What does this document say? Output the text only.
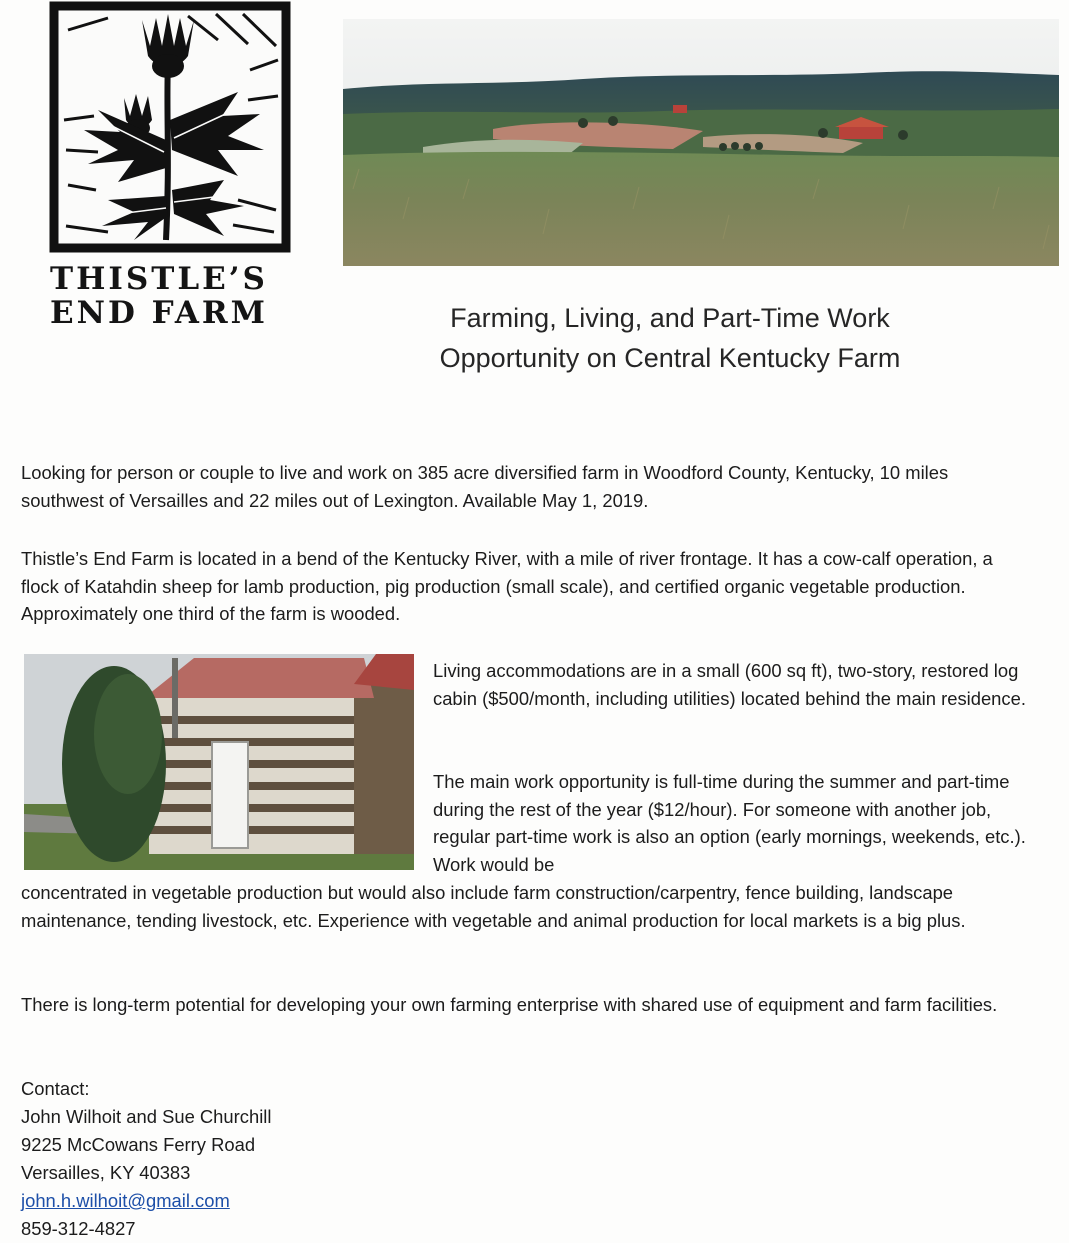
THISTLE’S
END FARM	Farming, Living, and Part-Time Work
Opportunity on Central Kentucky Farm

Looking for person or couple to live and work on 385 acre diversified farm in Woodford County, Kentucky, 10 miles southwest of Versailles and 22 miles out of Lexington. Available May 1, 2019.

Thistle’s End Farm is located in a bend of the Kentucky River, with a mile of river frontage. It has a cow-calf operation, a flock of Katahdin sheep for lamb production, pig production (small scale), and certified organic vegetable production. Approximately one third of the farm is wooded.

Living accommodations are in a small (600 sq ft), two-story, restored log cabin ($500/month, including utilities) located behind the main residence.

The main work opportunity is full-time during the summer and part-time during the rest of the year ($12/hour). For someone with another job, regular part-time work is also an option (early mornings, weekends, etc.). Work would be

concentrated in vegetable production but would also include farm construction/carpentry, fence building, landscape maintenance, tending livestock, etc. Experience with vegetable and animal production for local markets is a big plus.

There is long-term potential for developing your own farming enterprise with shared use of equipment and farm facilities.

Contact:
John Wilhoit and Sue Churchill
9225 McCowans Ferry Road
Versailles, KY 40383
john.h.wilhoit@gmail.com
859-312-4827
